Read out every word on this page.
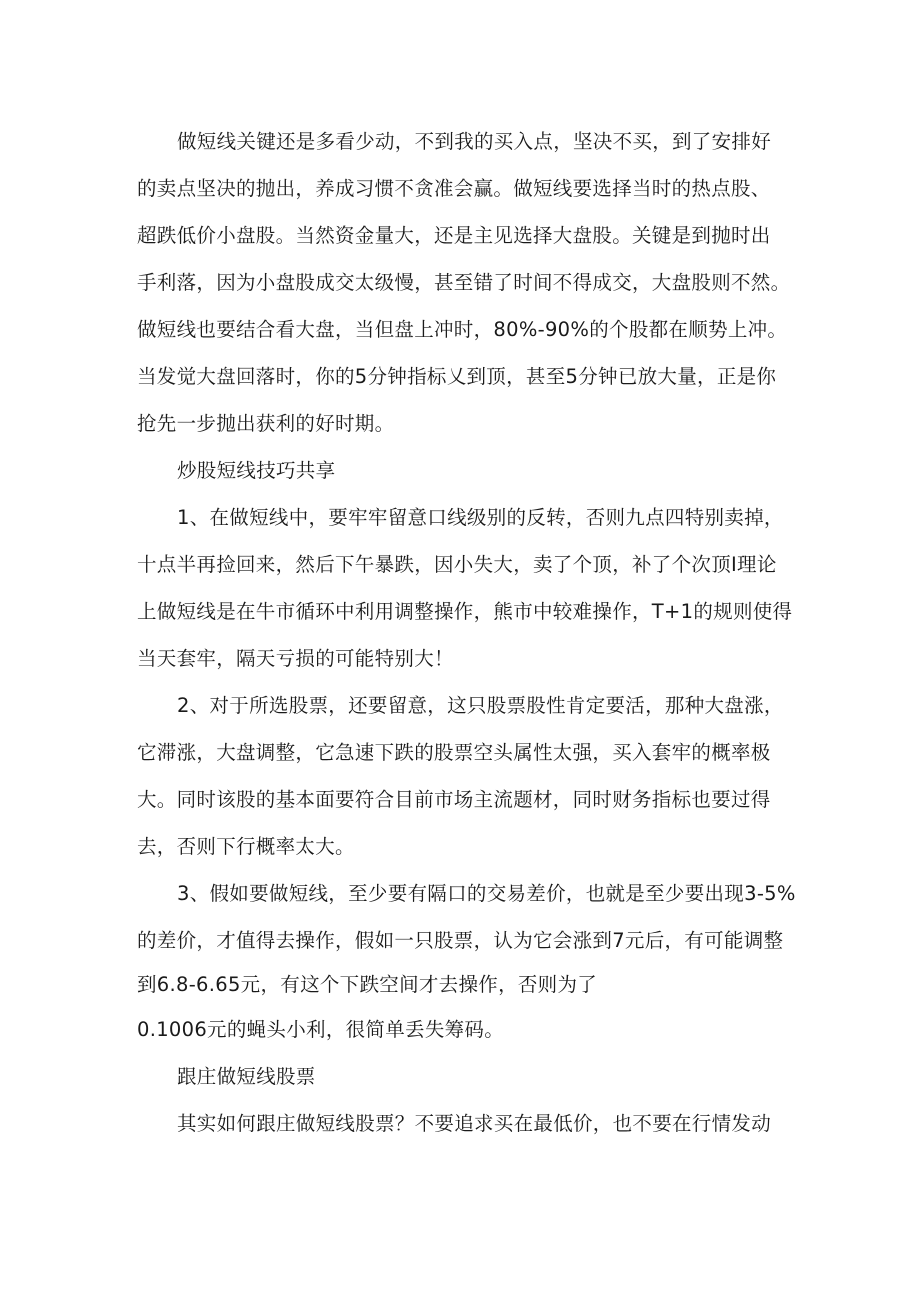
做短线关键还是多看少动，不到我的买入点，坚决不买，到了安排好
的卖点坚决的抛出，养成习惯不贪准会赢。做短线要选择当时的热点股、
超跌低价小盘股。当然资金量大，还是主见选择大盘股。关键是到抛时出
手利落，因为小盘股成交太级慢，甚至错了时间不得成交，大盘股则不然。
做短线也要结合看大盘，当但盘上冲时，80%-90%的个股都在顺势上冲。
当发觉大盘回落时，你的5分钟指标乂到顶，甚至5分钟已放大量，正是你
抢先一步抛出获利的好时期。
炒股短线技巧共享
1、在做短线中，要牢牢留意口线级别的反转，否则九点四特别卖掉，
十点半再捡回来，然后下午暴跌，因小失大，卖了个顶，补了个次顶I理论
上做短线是在牛市循环中利用调整操作，熊市中较难操作，T+1的规则使得
当天套牢，隔天亏损的可能特别大！
2、对于所选股票，还要留意，这只股票股性肯定要活，那种大盘涨，
它滞涨，大盘调整，它急速下跌的股票空头属性太强，买入套牢的概率极
大。同时该股的基本面要符合目前市场主流题材，同时财务指标也要过得
去，否则下行概率太大。
3、假如要做短线，至少要有隔口的交易差价，也就是至少要出现3-5%
的差价，才值得去操作，假如一只股票，认为它会涨到7元后，有可能调整
到6.8-6.65元，有这个下跌空间才去操作，否则为了
0.1006元的蝇头小利，很简单丢失筹码。
跟庄做短线股票
其实如何跟庄做短线股票？不要追求买在最低价，也不要在行情发动
